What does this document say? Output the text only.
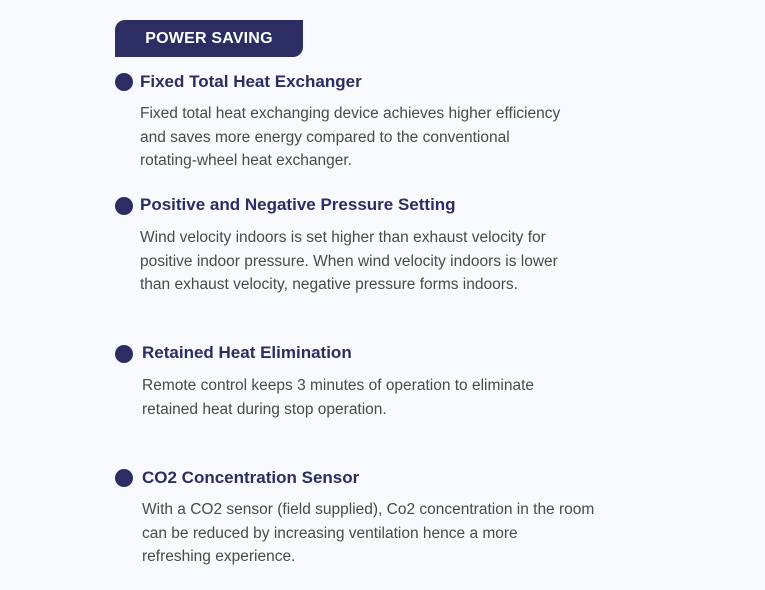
POWER SAVING
Fixed Total Heat Exchanger

Fixed total heat exchanging device achieves higher efficiency
and saves more energy compared to the conventional
rotating-wheel heat exchanger.

Positive and Negative Pressure Setting

Wind velocity indoors is set higher than exhaust velocity for
positive indoor pressure. When wind velocity indoors is lower
than exhaust velocity, negative pressure forms indoors.

Retained Heat Elimination

Remote control keeps 3 minutes of operation to eliminate
retained heat during stop operation.

CO2 Concentration Sensor

With a CO2 sensor (field supplied), Co2 concentration in the room
can be reduced by increasing ventilation hence a more
refreshing experience.
